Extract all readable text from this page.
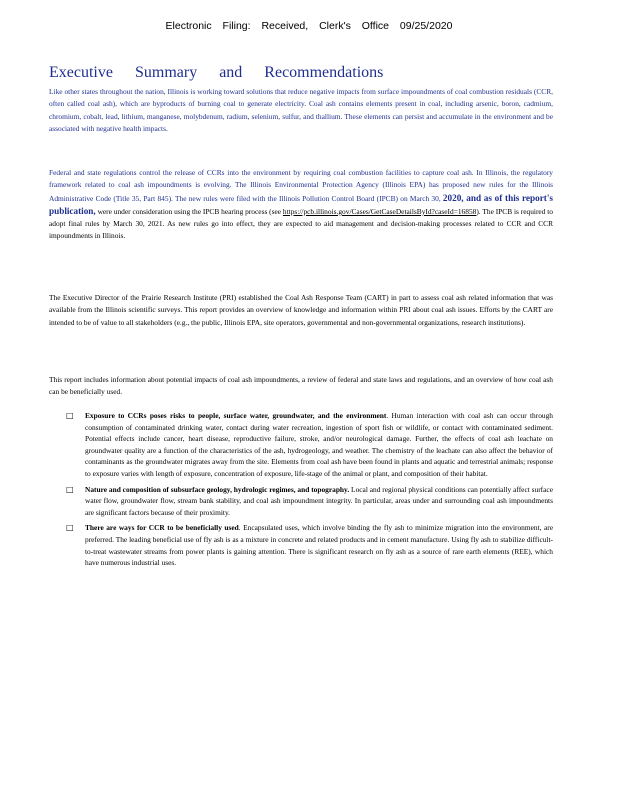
Electronic Filing: Received, Clerk's Office 09/25/2020
Executive Summary and Recommendations

Like other states throughout the nation, Illinois is working toward solutions that reduce negative impacts from surface impoundments of coal combustion residuals (CCR, often called coal ash), which are byproducts of burning coal to generate electricity. Coal ash contains elements present in coal, including arsenic, boron, cadmium, chromium, cobalt, lead, lithium, manganese, molybdenum, radium, selenium, sulfur, and thallium. These elements can persist and accumulate in the environment and be associated with negative health impacts.

Federal and state regulations control the release of CCRs into the environment by requiring coal combustion facilities to capture coal ash. In Illinois, the regulatory framework related to coal ash impoundments is evolving. The Illinois Environmental Protection Agency (Illinois EPA) has proposed new rules for the Illinois Administrative Code (Title 35, Part 845). The new rules were filed with the Illinois Pollution Control Board (IPCB) on March 30, 2020, and as of this report's publication, were under consideration using the IPCB hearing process (see https://pcb.illinois.gov/Cases/GetCaseDetailsById?caseId=16858). The IPCB is required to adopt final rules by March 30, 2021. As new rules go into effect, they are expected to aid management and decision-making processes related to CCR and CCR impoundments in Illinois.

The Executive Director of the Prairie Research Institute (PRI) established the Coal Ash Response Team (CART) in part to assess coal ash related information that was available from the Illinois scientific surveys. This report provides an overview of knowledge and information within PRI about coal ash issues. Efforts by the CART are intended to be of value to all stakeholders (e.g., the public, Illinois EPA, site operators, governmental and non-governmental organizations, research institutions).

This report includes information about potential impacts of coal ash impoundments, a review of federal and state laws and regulations, and an overview of how coal ash can be beneficially used.

□ Exposure to CCRs poses risks to people, surface water, groundwater, and the environment. Human interaction with coal ash can occur through consumption of contaminated drinking water, contact during water recreation, ingestion of sport fish or wildlife, or contact with contaminated sediment. Potential effects include cancer, heart disease, reproductive failure, stroke, and/or neurological damage. Further, the effects of coal ash leachate on groundwater quality are a function of the characteristics of the ash, hydrogeology, and weather. The chemistry of the leachate can also affect the behavior of contaminants as the groundwater migrates away from the site. Elements from coal ash have been found in plants and aquatic and terrestrial animals; response to exposure varies with length of exposure, concentration of exposure, life-stage of the animal or plant, and composition of their habitat.
□ Nature and composition of subsurface geology, hydrologic regimes, and topography. Local and regional physical conditions can potentially affect surface water flow, groundwater flow, stream bank stability, and coal ash impoundment integrity. In particular, areas under and surrounding coal ash impoundments are significant factors because of their proximity.
□ There are ways for CCR to be beneficially used. Encapsulated uses, which involve binding the fly ash to minimize migration into the environment, are preferred. The leading beneficial use of fly ash is as a mixture in concrete and related products and in cement manufacture. Using fly ash to stabilize difficult-to-treat wastewater streams from power plants is gaining attention. There is significant research on fly ash as a source of rare earth elements (REE), which have numerous industrial uses.
